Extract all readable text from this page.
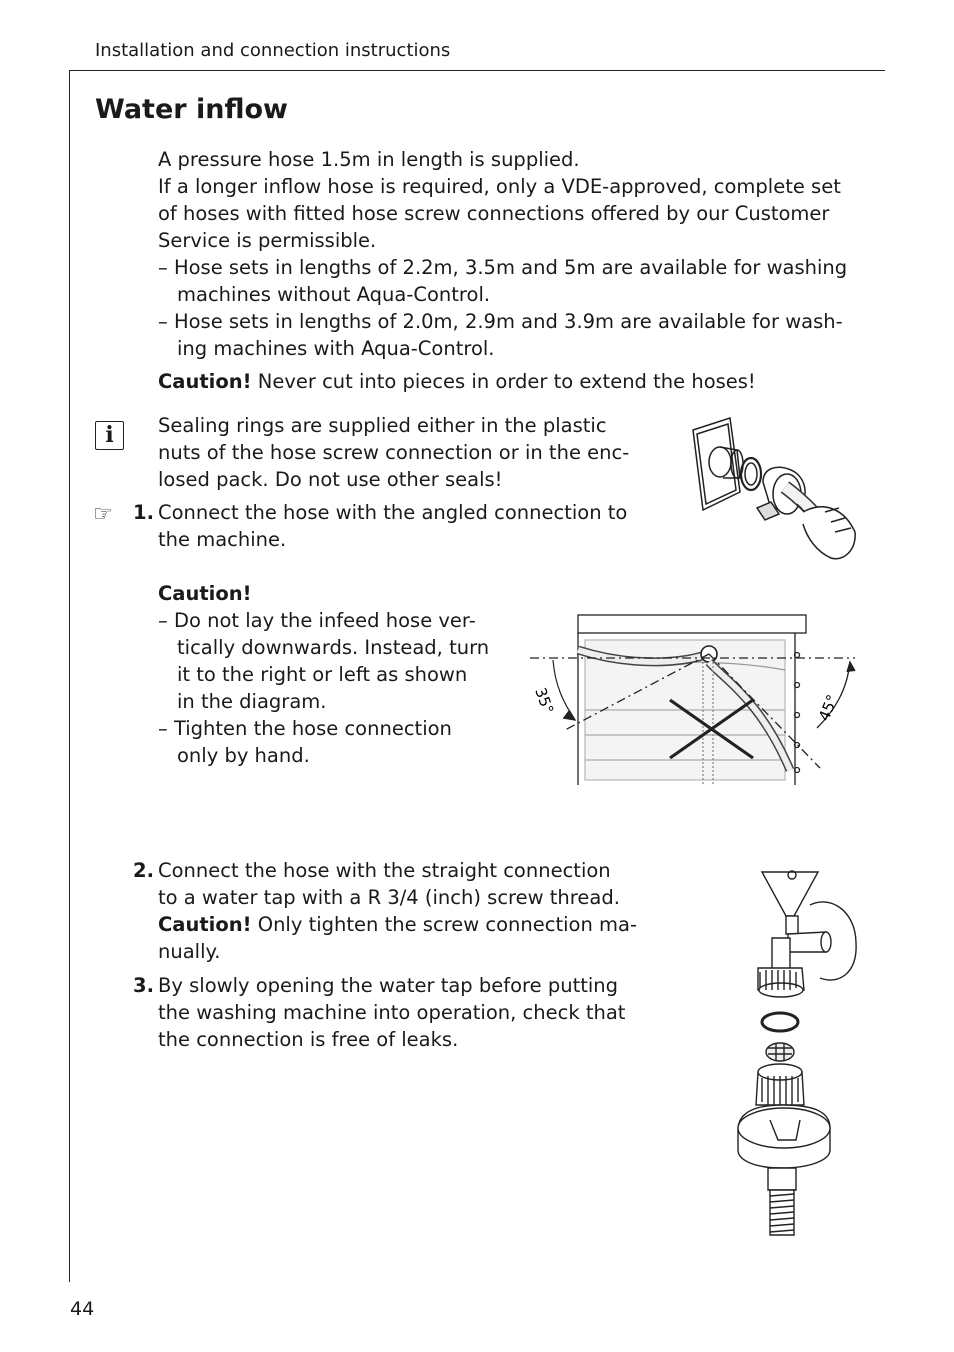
Installation and connection instructions
44
Water inflow
A pressure hose 1.5m in length is supplied.
If a longer inflow hose is required, only a VDE-approved, complete set
of hoses with fitted hose screw connections offered by our Customer
Service is permissible.
– Hose sets in lengths of 2.2m, 3.5m and 5m are available for washing
machines without Aqua-Control.
– Hose sets in lengths of 2.0m, 2.9m and 3.9m are available for wash-
ing machines with Aqua-Control.
Caution! Never cut into pieces in order to extend the hoses!
i	Sealing rings are supplied either in the plastic
nuts of the hose screw connection or in the enc-
losed pack. Do not use other seals!
☞ 1. Connect the hose with the angled connection to
the machine.
Caution!
– Do not lay the infeed hose ver-
tically downwards. Instead, turn
it to the right or left as shown
in the diagram.
– Tighten the hose connection
only by hand.
2. Connect the hose with the straight connection
to a water tap with a R 3/4 (inch) screw thread.
Caution! Only tighten the screw connection ma-
nually.
3. By slowly opening the water tap before putting
the washing machine into operation, check that
the connection is free of leaks.
35°	45°
